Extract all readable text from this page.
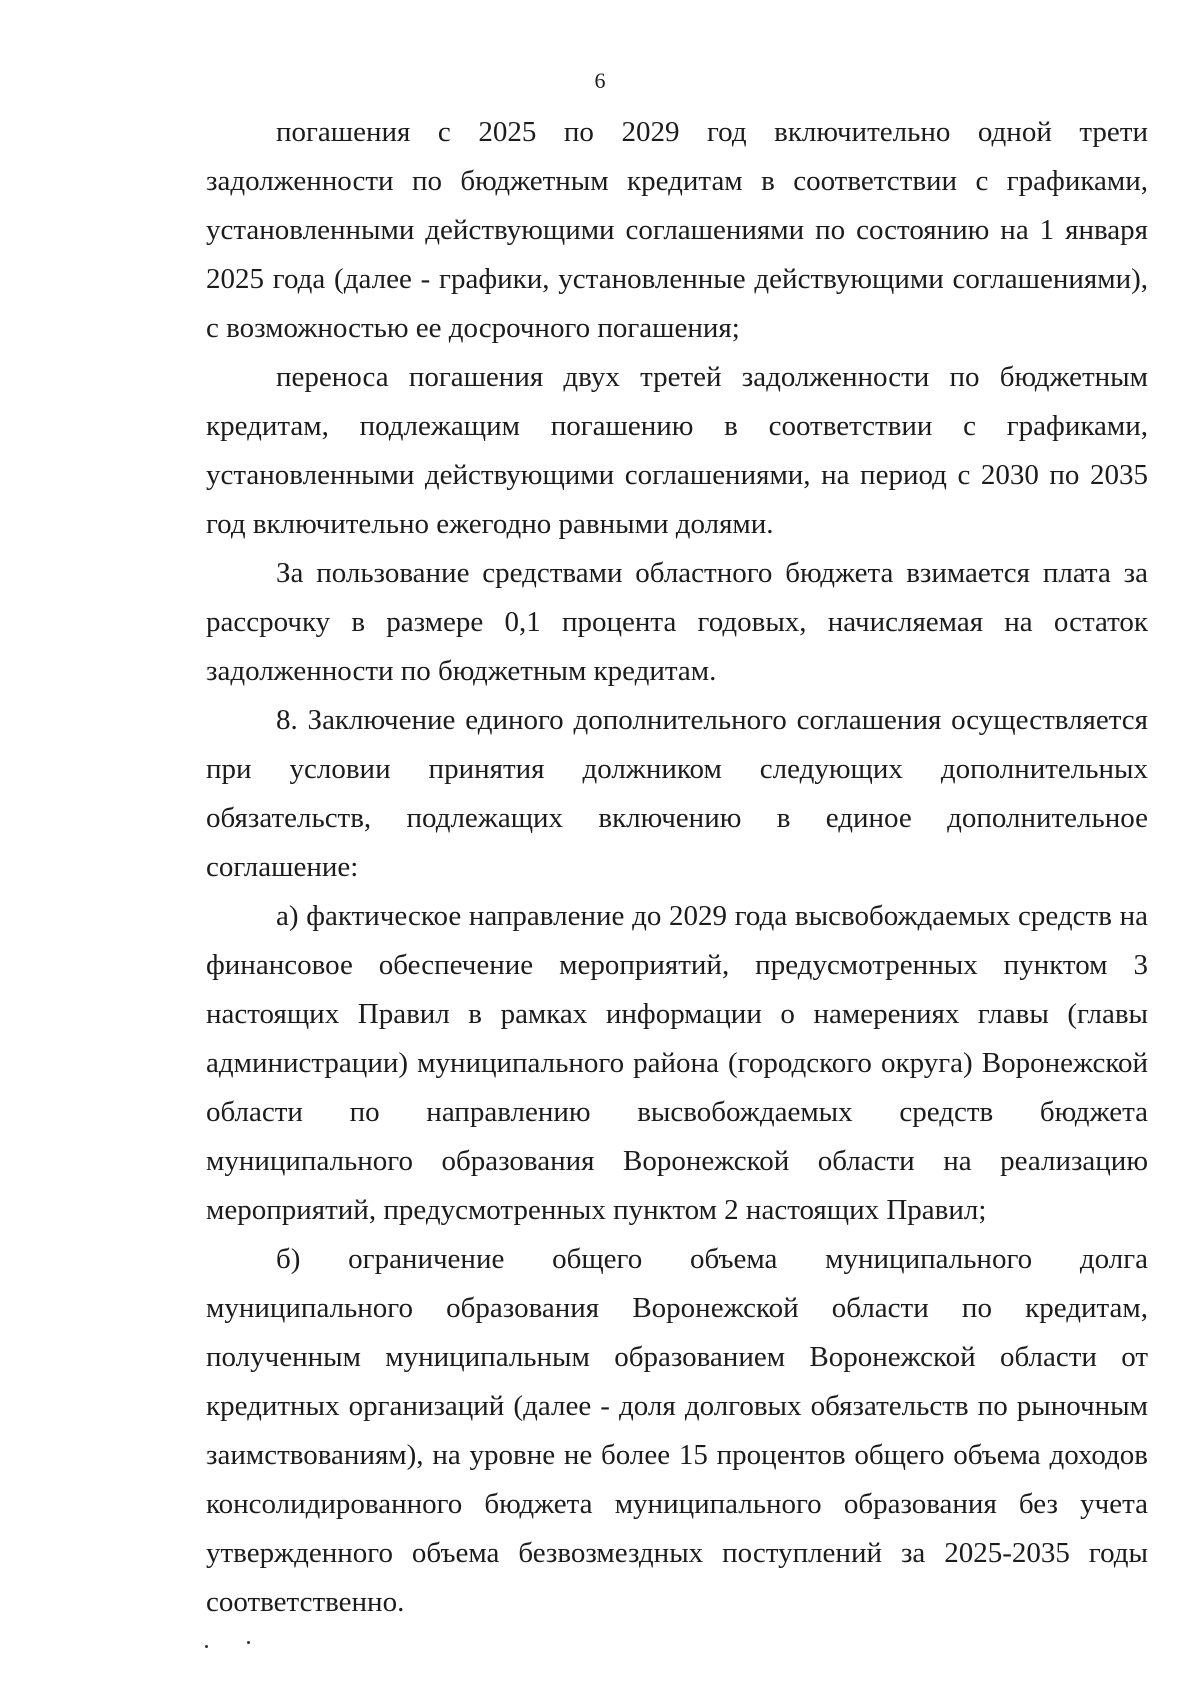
6

погашения с 2025 по 2029 год включительно одной трети задолженности по бюджетным кредитам в соответствии с графиками, установленными действующими соглашениями по состоянию на 1 января 2025 года (далее - графики, установленные действующими соглашениями), с возможностью ее досрочного погашения;

переноса погашения двух третей задолженности по бюджетным кредитам, подлежащим погашению в соответствии с графиками, установленными действующими соглашениями, на период с 2030 по 2035 год включительно ежегодно равными долями.

За пользование средствами областного бюджета взимается плата за рассрочку в размере 0,1 процента годовых, начисляемая на остаток задолженности по бюджетным кредитам.

8. Заключение единого дополнительного соглашения осуществляется при условии принятия должником следующих дополнительных обязательств, подлежащих включению в единое дополнительное соглашение:

а) фактическое направление до 2029 года высвобождаемых средств на финансовое обеспечение мероприятий, предусмотренных пунктом 3 настоящих Правил в рамках информации о намерениях главы (главы администрации) муниципального района (городского округа) Воронежской области по направлению высвобождаемых средств бюджета муниципального образования Воронежской области на реализацию мероприятий, предусмотренных пунктом 2 настоящих Правил;

б) ограничение общего объема муниципального долга муниципального образования Воронежской области по кредитам, полученным муниципальным образованием Воронежской области от кредитных организаций (далее - доля долговых обязательств по рыночным заимствованиям), на уровне не более 15 процентов общего объема доходов консолидированного бюджета муниципального образования без учета утвержденного объема безвозмездных поступлений за 2025-2035 годы соответственно.
